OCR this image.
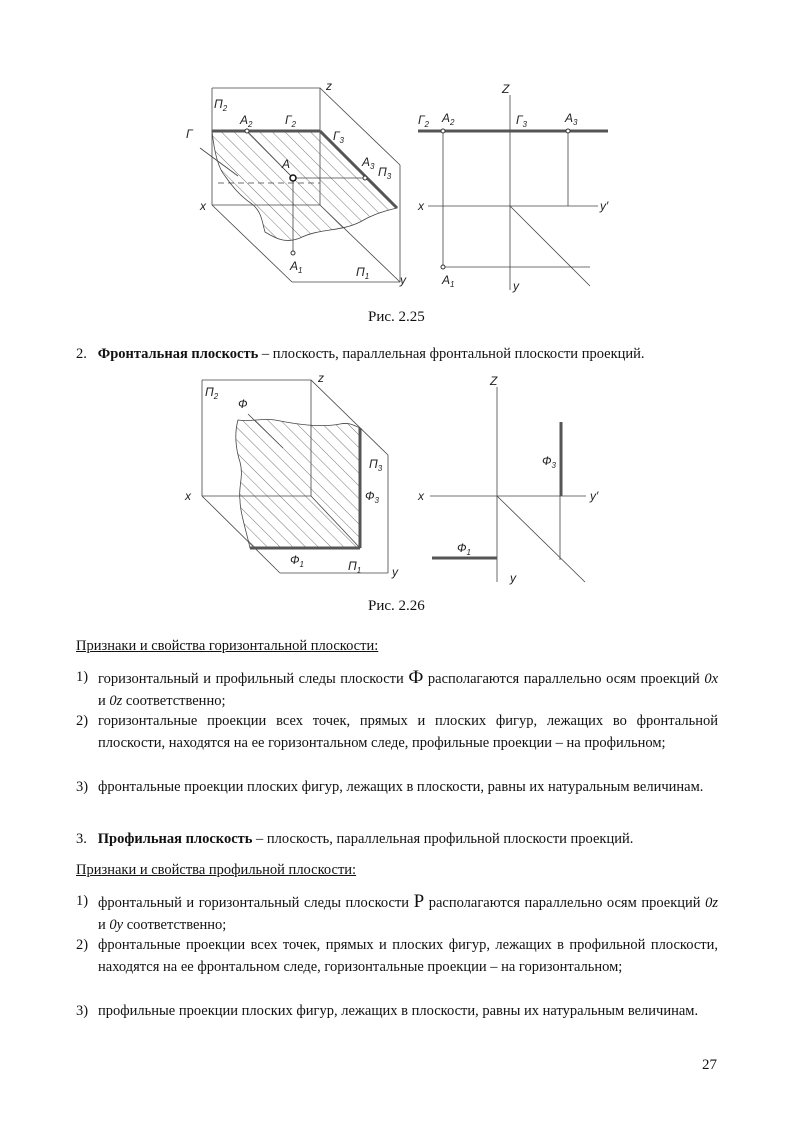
z
$П_2$
$A_2$	$Г_2$
Г	$Г_3$
A	$A_3$ $П_3$
x
$A_1$	$П_1$	y
Z
$Г_2$ $A_2$	$Г_3$	$A_3$
x	y′
$A_1$	y
Рис. 2.25
2. Фронтальная плоскость – плоскость, параллельная фронтальной плоскости проекций.
z
$П_2$
Ф
$П_3$
$Ф_3$
x
$Ф_1$	$П_1$	y
Z
$Ф_3$
x	y′
$Ф_1$
y
Рис. 2.26
Признаки и свойства горизонтальной плоскости:
1) горизонтальный и профильный следы плоскости Ф располагаются параллельно осям проекций 0x и 0z соответственно;
2) горизонтальные проекции всех точек, прямых и плоских фигур, лежащих во фронтальной плоскости, находятся на ее горизонтальном следе, профильные проекции – на профильном;
3) фронтальные проекции плоских фигур, лежащих в плоскости, равны их натуральным величинам.
3. Профильная плоскость – плоскость, параллельная профильной плоскости проекций.
Признаки и свойства профильной плоскости:
1) фронтальный и горизонтальный следы плоскости Р располагаются параллельно осям проекций 0z и 0y соответственно;
2) фронтальные проекции всех точек, прямых и плоских фигур, лежащих в профильной плоскости, находятся на ее фронтальном следе, горизонтальные проекции – на горизонтальном;
3) профильные проекции плоских фигур, лежащих в плоскости, равны их натуральным величинам.
27
